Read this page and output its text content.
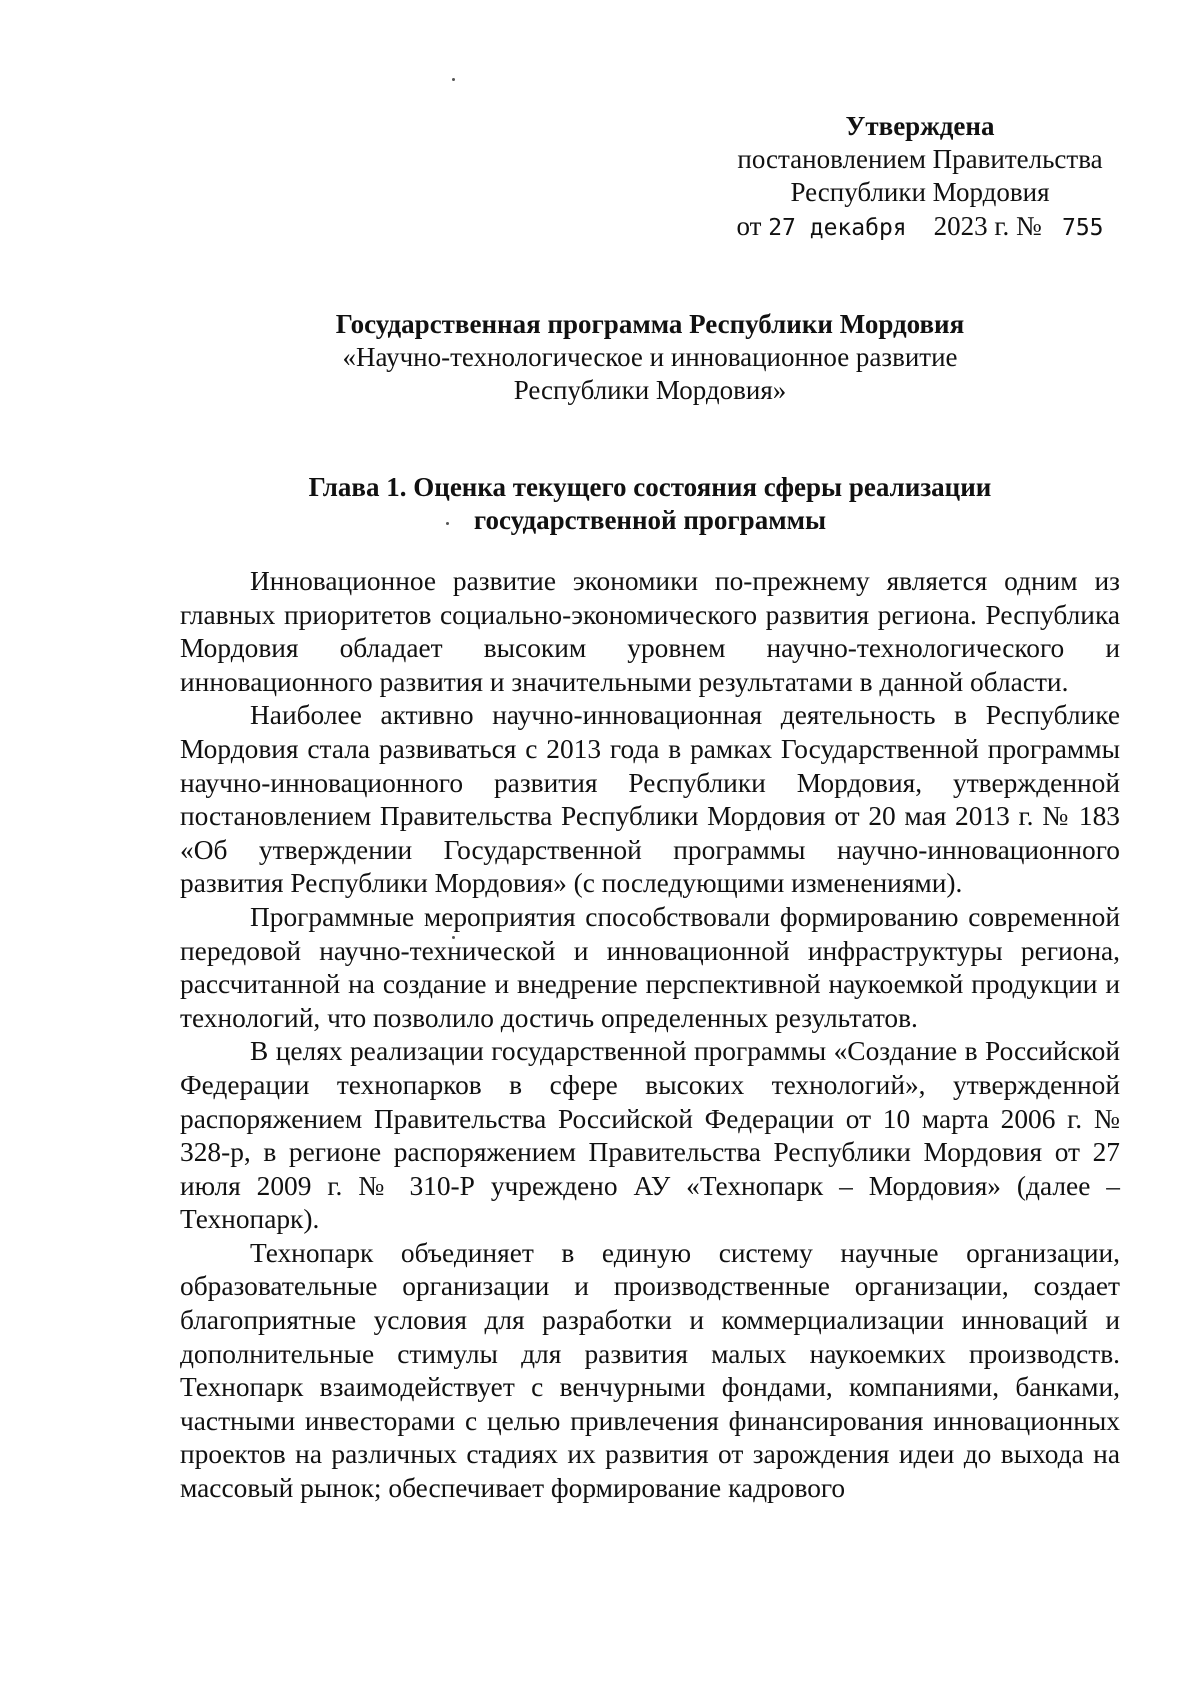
Утверждена
постановлением Правительства
Республики Мордовия
от 27 декабря 2023 г. № 755
Государственная программа Республики Мордовия
«Научно-технологическое и инновационное развитие
Республики Мордовия»
Глава 1. Оценка текущего состояния сферы реализации
государственной программы

Инновационное развитие экономики по-прежнему является одним из главных приоритетов социально-экономического развития региона. Республика Мордовия обладает высоким уровнем научно-технологического и инновационного развития и значительными результатами в данной области.

Наиболее активно научно-инновационная деятельность в Республике Мордовия стала развиваться с 2013 года в рамках Государственной программы научно-инновационного развития Республики Мордовия, утвержденной постановлением Правительства Республики Мордовия от 20 мая 2013 г. № 183 «Об утверждении Государственной программы научно-инновационного развития Республики Мордовия» (с последующими изменениями).

Программные мероприятия способствовали формированию современной передовой научно-технической и инновационной инфраструктуры региона, рассчитанной на создание и внедрение перспективной наукоемкой продукции и технологий, что позволило достичь определенных результатов.

В целях реализации государственной программы «Создание в Российской Федерации технопарков в сфере высоких технологий», утвержденной распоряжением Правительства Российской Федерации от 10 марта 2006 г. № 328-р, в регионе распоряжением Правительства Республики Мордовия от 27 июля 2009 г. № 310-Р учреждено АУ «Технопарк – Мордовия» (далее – Технопарк).

Технопарк объединяет в единую систему научные организации, образовательные организации и производственные организации, создает благоприятные условия для разработки и коммерциализации инноваций и дополнительные стимулы для развития малых наукоемких производств. Технопарк взаимодействует с венчурными фондами, компаниями, банками, частными инвесторами с целью привлечения финансирования инновационных проектов на различных стадиях их развития от зарождения идеи до выхода на массовый рынок; обеспечивает формирование кадрового
